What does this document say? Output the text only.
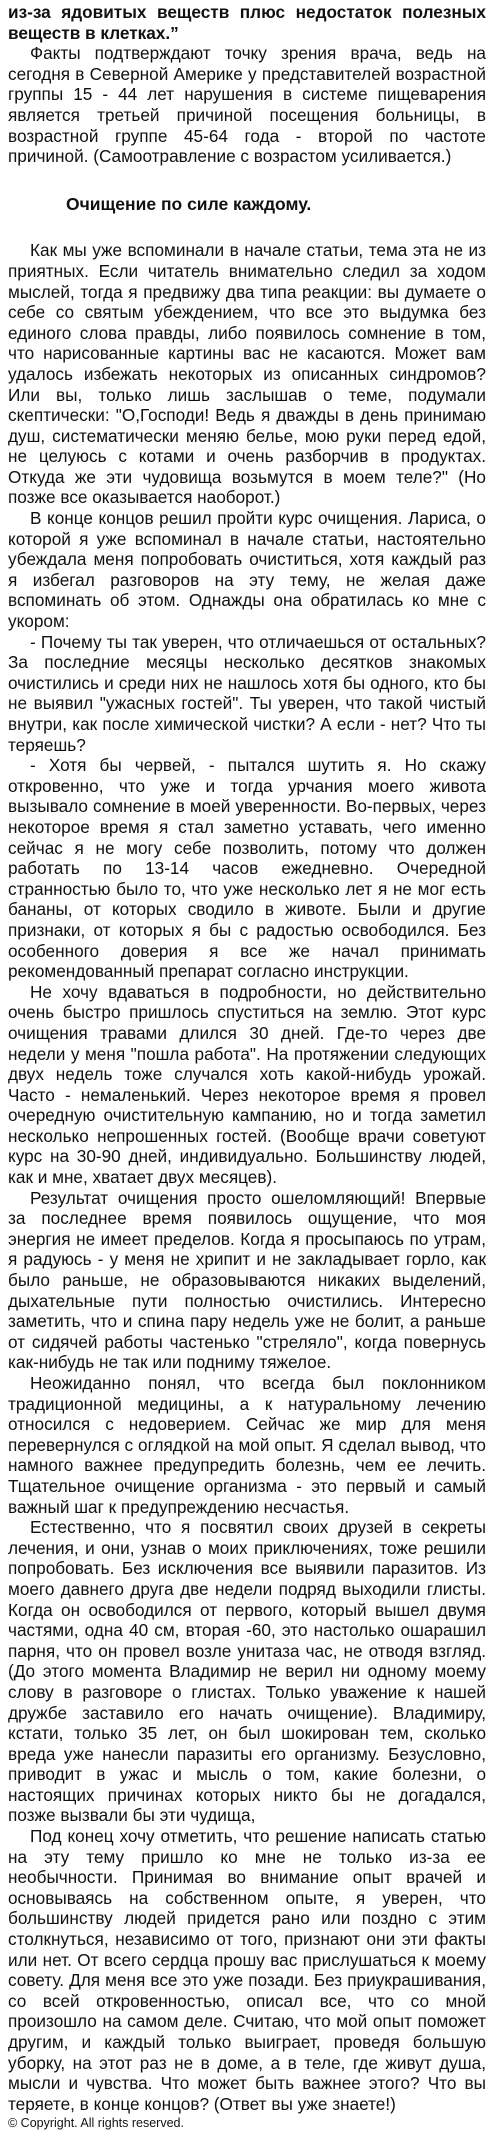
из-за ядовитых веществ плюс недостаток полезных веществ в клетках.”

Факты подтверждают точку зрения врача, ведь на сегодня в Северной Америке у представителей возрастной группы 15 - 44 лет нарушения в системе пищеварения является третьей причиной посещения больницы, в возрастной группе 45-64 года - второй по частоте причиной. (Самоотравление с возрастом усиливается.)

Очищение по силе каждому.

Как мы уже вспоминали в начале статьи, тема эта не из приятных. Если читатель внимательно следил за ходом мыслей, тогда я предвижу два типа реакции: вы думаете о себе со святым убеждением, что все это выдумка без единого слова правды, либо появилось сомнение в том, что нарисованные картины вас не касаются. Может вам удалось избежать некоторых из описанных синдромов? Или вы, только лишь заслышав о теме, подумали скептически: "О,Господи! Ведь я дважды в день принимаю душ, систематически меняю белье, мою руки перед едой, не целуюсь с котами и очень разборчив в продуктах. Откуда же эти чудовища возьмутся в моем теле?" (Но позже все оказывается наоборот.)

В конце концов решил пройти курс очищения. Лариса, о которой я уже вспоминал в начале статьи, настоятельно убеждала меня попробовать очиститься, хотя каждый раз я избегал разговоров на эту тему, не желая даже вспоминать об этом. Однажды она обратилась ко мне с укором:

- Почему ты так уверен, что отличаешься от остальных? За последние месяцы несколько десятков знакомых очистились и среди них не нашлось хотя бы одного, кто бы не выявил "ужасных гостей". Ты уверен, что такой чистый внутри, как после химической чистки? А если - нет? Что ты теряешь?

- Хотя бы червей, - пытался шутить я. Но скажу откровенно, что уже и тогда урчания моего живота вызывало сомнение в моей уверенности. Во-первых, через некоторое время я стал заметно уставать, чего именно сейчас я не могу себе позволить, потому что должен работать по 13-14 часов ежедневно. Очередной странностью было то, что уже несколько лет я не мог есть бананы, от которых сводило в животе. Были и другие признаки, от которых я бы с радостью освободился. Без особенного доверия я все же начал принимать рекомендованный препарат согласно инструкции.

Не хочу вдаваться в подробности, но действительно очень быстро пришлось спуститься на землю. Этот курс очищения травами длился 30 дней. Где-то через две недели у меня "пошла работа". На протяжении следующих двух недель тоже случался хоть какой-нибудь урожай. Часто - немаленький. Через некоторое время я провел очередную очистительную кампанию, но и тогда заметил несколько непрошенных гостей. (Вообще врачи советуют курс на 30-90 дней, индивидуально. Большинству людей, как и мне, хватает двух месяцев).

Результат очищения просто ошеломляющий! Впервые за последнее время появилось ощущение, что моя энергия не имеет пределов. Когда я просыпаюсь по утрам, я радуюсь - у меня не хрипит и не закладывает горло, как было раньше, не образовываются никаких выделений, дыхательные пути полностью очистились. Интересно заметить, что и спина пару недель уже не болит, а раньше от сидячей работы частенько "стреляло", когда повернусь как-нибудь не так или подниму тяжелое.

Неожиданно понял, что всегда был поклонником традиционной медицины, а к натуральному лечению относился с недоверием. Сейчас же мир для меня перевернулся с оглядкой на мой опыт. Я сделал вывод, что намного важнее предупредить болезнь, чем ее лечить. Тщательное очищение организма - это первый и самый важный шаг к предупреждению несчастья.

Естественно, что я посвятил своих друзей в секреты лечения, и они, узнав о моих приключениях, тоже решили попробовать. Без исключения все выявили паразитов. Из моего давнего друга две недели подряд выходили глисты. Когда он освободился от первого, который вышел двумя частями, одна 40 см, вторая -60, это настолько ошарашил парня, что он провел возле унитаза час, не отводя взгляд. (До этого момента Владимир не верил ни одному моему слову в разговоре о глистах. Только уважение к нашей дружбе заставило его начать очищение). Владимиру, кстати, только 35 лет, он был шокирован тем, сколько вреда уже нанесли паразиты его организму. Безусловно, приводит в ужас и мысль о том, какие болезни, о настоящих причинах которых никто бы не догадался, позже вызвали бы эти чудища,

Под конец хочу отметить, что решение написать статью на эту тему пришло ко мне не только из-за ее необычности. Принимая во внимание опыт врачей и основываясь на собственном опыте, я уверен, что большинству людей придется рано или поздно с этим столкнуться, независимо от того, признают они эти факты или нет. От всего сердца прошу вас прислушаться к моему совету. Для меня все это уже позади. Без приукрашивания, со всей откровенностью, описал все, что со мной произошло на самом деле. Считаю, что мой опыт поможет другим, и каждый только выиграет, проведя большую уборку, на этот раз не в доме, а в теле, где живут душа, мысли и чувства. Что может быть важнее этого? Что вы теряете, в конце концов? (Ответ вы уже знаете!)

© Copyright. All rights reserved.
